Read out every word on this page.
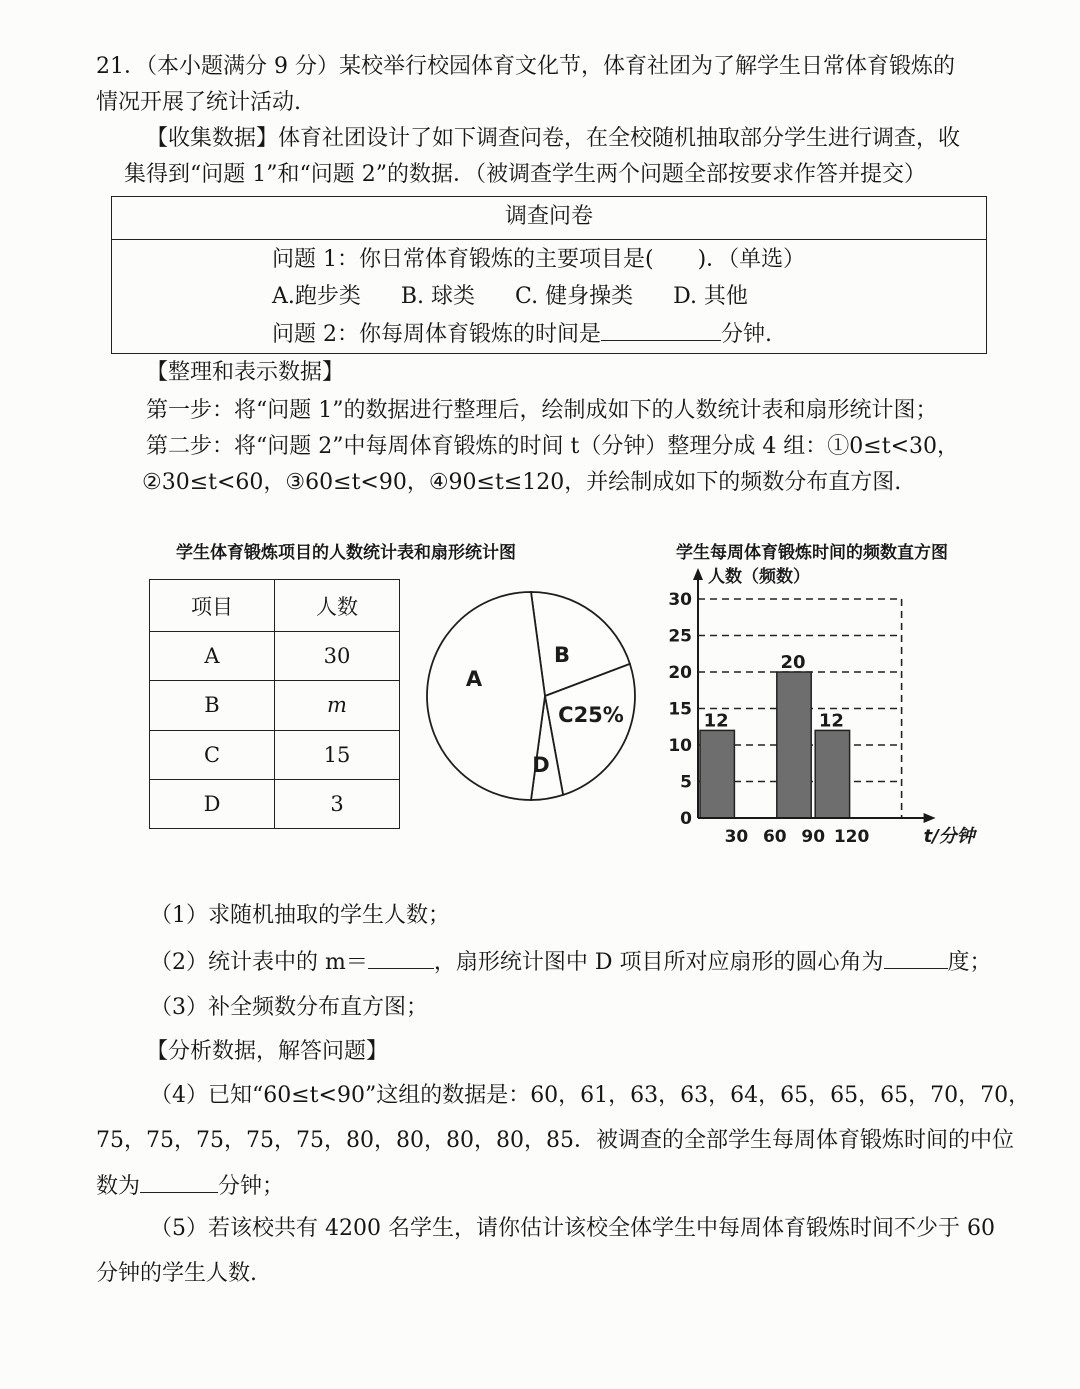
21．（本小题满分 9 分）某校举行校园体育文化节，体育社团为了解学生日常体育锻炼的
情况开展了统计活动.
【收集数据】体育社团设计了如下调查问卷，在全校随机抽取部分学生进行调查，收
集得到“问题 1”和“问题 2”的数据．（被调查学生两个问题全部按要求作答并提交）
调查问卷
问题 1：你日常体育锻炼的主要项目是(　　)．（单选）
A.跑步类 B. 球类 C. 健身操类 D. 其他
问题 2：你每周体育锻炼的时间是	分钟.
【整理和表示数据】
第一步：将“问题 1”的数据进行整理后，绘制成如下的人数统计表和扇形统计图；
第二步：将“问题 2”中每周体育锻炼的时间 t（分钟）整理分成 4 组：①0≤t<30，
②30≤t<60，③60≤t<90，④90≤t≤120，并绘制成如下的频数分布直方图.
学生体育锻炼项目的人数统计表和扇形统计图	学生每周体育锻炼时间的频数直方图
项目	人数
A	30
B	m
C	15
D	3
A
B
C25%
D
12
20
12
0
5
10
15
20
25
30
30 60 90 120
人数（频数）
t/分钟
（1）求随机抽取的学生人数；
（2）统计表中的 m＝	，扇形统计图中 D 项目所对应扇形的圆心角为	度；
（3）补全频数分布直方图；
【分析数据，解答问题】
（4）已知“60≤t<90”这组的数据是：60，61，63，63，64，65，65，65，70，70，
75，75，75，75，75，80，80，80，80，85．被调查的全部学生每周体育锻炼时间的中位
数为	分钟；
（5）若该校共有 4200 名学生，请你估计该校全体学生中每周体育锻炼时间不少于 60
分钟的学生人数.
